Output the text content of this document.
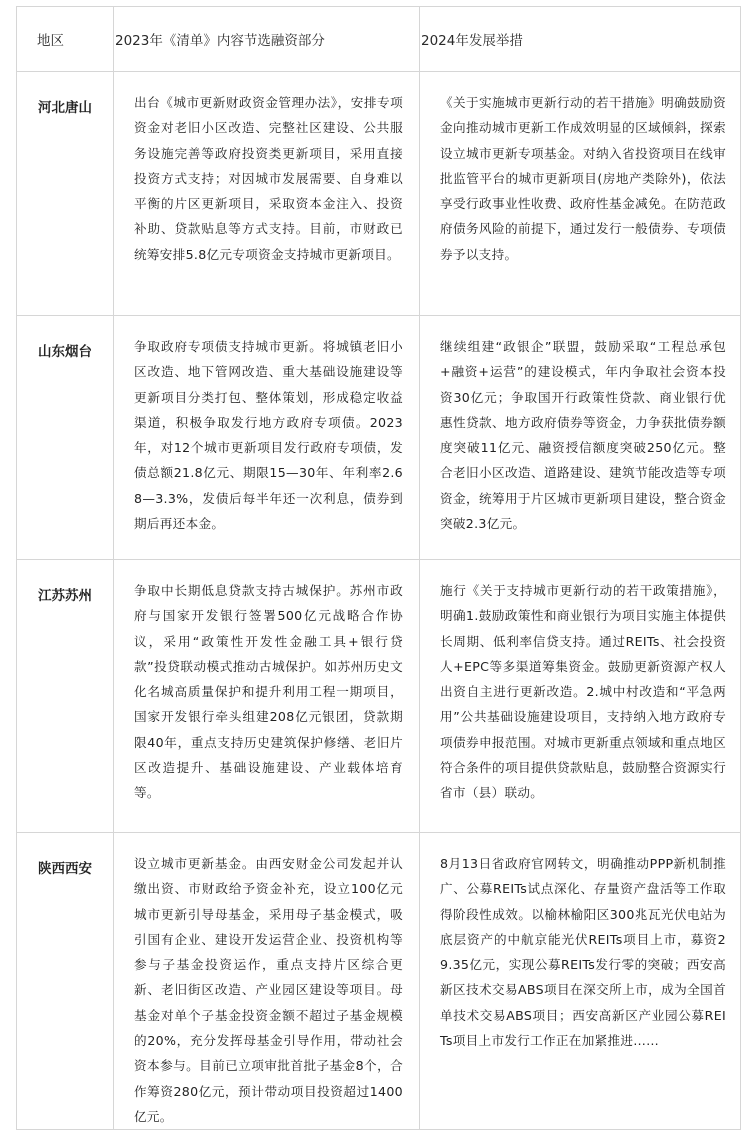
地区	2023年《清单》内容节选融资部分	2024年发展举措
河北唐山	出台《城市更新财政资金管理办法》，安排专项资金对老旧小区改造、完整社区建设、公共服务设施完善等政府投资类更新项目，采用直接投资方式支持；对因城市发展需要、自身难以平衡的片区更新项目，采取资本金注入、投资补助、贷款贴息等方式支持。目前，市财政已统筹安排5.8亿元专项资金支持城市更新项目。	《关于实施城市更新行动的若干措施》明确鼓励资金向推动城市更新工作成效明显的区域倾斜，探索设立城市更新专项基金。对纳入省投资项目在线审批监管平台的城市更新项目(房地产类除外)，依法享受行政事业性收费、政府性基金减免。在防范政府债务风险的前提下，通过发行一般债券、专项债券予以支持。

山东烟台	争取政府专项债支持城市更新。将城镇老旧小区改造、地下管网改造、重大基础设施建设等更新项目分类打包、整体策划，形成稳定收益渠道，积极争取发行地方政府专项债。2023年，对12个城市更新项目发行政府专项债，发债总额21.8亿元、期限15—30年、年利率2.68—3.3%，发债后每半年还一次利息，债券到期后再还本金。	继续组建“政银企”联盟，鼓励采取“工程总承包+融资+运营”的建设模式，年内争取社会资本投资30亿元；争取国开行政策性贷款、商业银行优惠性贷款、地方政府债券等资金，力争获批债券额度突破11亿元、融资授信额度突破250亿元。整合老旧小区改造、道路建设、建筑节能改造等专项资金，统筹用于片区城市更新项目建设，整合资金突破2.3亿元。

江苏苏州	争取中长期低息贷款支持古城保护。苏州市政府与国家开发银行签署500亿元战略合作协议，采用“政策性开发性金融工具+银行贷款”投贷联动模式推动古城保护。如苏州历史文化名城高质量保护和提升利用工程一期项目，国家开发银行牵头组建208亿元银团，贷款期限40年，重点支持历史建筑保护修缮、老旧片区改造提升、基础设施建设、产业载体培育等。	施行《关于支持城市更新行动的若干政策措施》，明确1.鼓励政策性和商业银行为项目实施主体提供长周期、低利率信贷支持。通过REITs、社会投资人+EPC等多渠道筹集资金。鼓励更新资源产权人出资自主进行更新改造。2.城中村改造和“平急两用”公共基础设施建设项目，支持纳入地方政府专项债券申报范围。对城市更新重点领域和重点地区符合条件的项目提供贷款贴息，鼓励整合资源实行省市（县）联动。

陕西西安	设立城市更新基金。由西安财金公司发起并认缴出资、市财政给予资金补充，设立100亿元城市更新引导母基金，采用母子基金模式，吸引国有企业、建设开发运营企业、投资机构等参与子基金投资运作，重点支持片区综合更新、老旧街区改造、产业园区建设等项目。母基金对单个子基金投资金额不超过子基金规模的20%，充分发挥母基金引导作用，带动社会资本参与。目前已立项审批首批子基金8个，合作筹资280亿元，预计带动项目投资超过1400亿元。	8月13日省政府官网转文，明确推动PPP新机制推广、公募REITs试点深化、存量资产盘活等工作取得阶段性成效。以榆林榆阳区300兆瓦光伏电站为底层资产的中航京能光伏REITs项目上市，募资29.35亿元，实现公募REITs发行零的突破；西安高新区技术交易ABS项目在深交所上市，成为全国首单技术交易ABS项目；西安高新区产业园公募REITs项目上市发行工作正在加紧推进……
